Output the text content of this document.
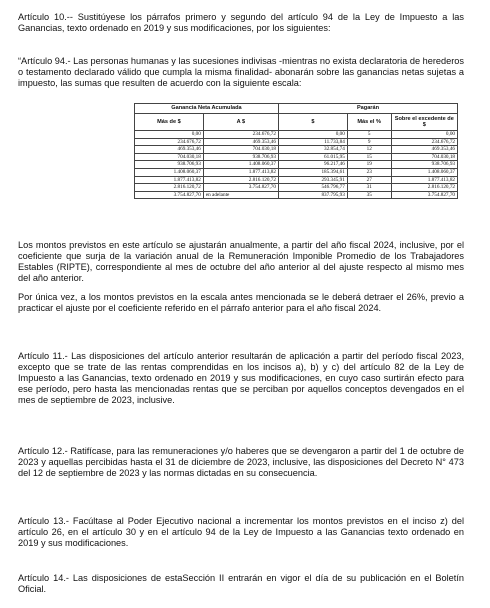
Artículo 10.-- Sustitúyese los párrafos primero y segundo del artículo 94 de la Ley de Impuesto a las Ganancias, texto ordenado en 2019 y sus modificaciones, por los siguientes:

“Artículo 94.- Las personas humanas y las sucesiones indivisas -mientras no exista declaratoria de herederos o testamento declarado válido que cumpla la misma finalidad- abonarán sobre las ganancias netas sujetas a impuesto, las sumas que resulten de acuerdo con la siguiente escala:

Ganancia Neta Acumulada		Pagarán		
Más de $	A $	$	Más el %	Sobre el excedente de $
0,00	234.676,72	0,00	5	0,00
234.676,72	469.353,46	11.733,84	9	234.676,72
469.353,46	704.030,18	32.854,74	12	469.353,46
704.030,18	938.706,93	61.015,95	15	704.030,18
938.706,93	1.408.060,37	96.217,46	19	938.706,93
1.408.060,37	1.877.413,82	185.394,61	23	1.408.060,37
1.877.413,82	2.816.120,72	293.345,91	27	1.877.413,82
2.816.120,72	3.754.827,70	546.796,77	31	2.816.120,72
3.754.827,70	en adelante	837.795,93	35	3.754.827,70

Los montos previstos en este artículo se ajustarán anualmente, a partir del año fiscal 2024, inclusive, por el coeficiente que surja de la variación anual de la Remuneración Imponible Promedio de los Trabajadores Estables (RIPTE), correspondiente al mes de octubre del año anterior al del ajuste respecto al mismo mes del año anterior.

Por única vez, a los montos previstos en la escala antes mencionada se le deberá detraer el 26%, previo a practicar el ajuste por el coeficiente referido en el párrafo anterior para el año fiscal 2024.

Artículo 11.- Las disposiciones del artículo anterior resultarán de aplicación a partir del período fiscal 2023, excepto que se trate de las rentas comprendidas en los incisos a), b) y c) del artículo 82 de la Ley de Impuesto a las Ganancias, texto ordenado en 2019 y sus modificaciones, en cuyo caso surtirán efecto para ese período, pero hasta las mencionadas rentas que se perciban por aquellos conceptos devengados en el mes de septiembre de 2023, inclusive.

Artículo 12.- Ratifícase, para las remuneraciones y/o haberes que se devengaron a partir del 1 de octubre de 2023 y aquellas percibidas hasta el 31 de diciembre de 2023, inclusive, las disposiciones del Decreto N° 473 del 12 de septiembre de 2023 y las normas dictadas en su consecuencia.

Artículo 13.- Facúltase al Poder Ejecutivo nacional a incrementar los montos previstos en el inciso z) del artículo 26, en el artículo 30 y en el artículo 94 de la Ley de Impuesto a las Ganancias texto ordenado en 2019 y sus modificaciones.

Artículo 14.- Las disposiciones de estaSección II entrarán en vigor el día de su publicación en el Boletín Oficial.
